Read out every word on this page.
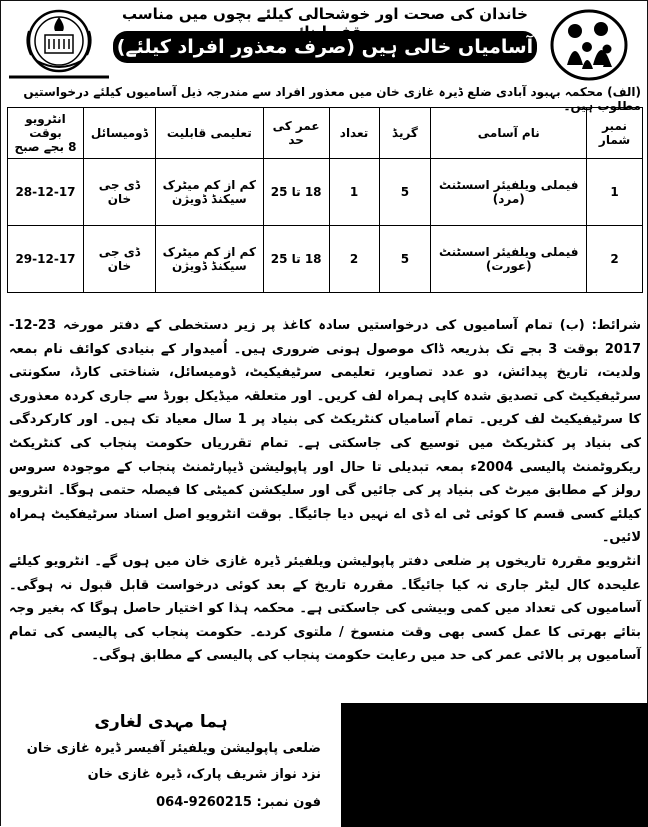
خاندان کی صحت اور خوشحالی کیلئے بچوں میں مناسب
آسامیاں خالی ہیں (صرف معذور افراد کیلئے)
(الف) محکمہ بہبود آبادی ضلع ڈیرہ غازی خان میں معذور افراد سے مندرجہ ذیل آسامیوں کیلئے درخواستیں مطلوب ہیں۔
نمبر شمار	نام آسامی	گریڈ	تعداد	عمر کی حد	تعلیمی قابلیت	ڈومیسائل	انٹرویو بوقت
8 بجے صبح

1	فیملی ویلفیئر اسسٹنٹ (مرد)	5	1	18 تا 25	کم از کم میٹرک
سیکنڈ ڈویژن	ڈی جی خان	28-12-17
2	فیملی ویلفیئر اسسٹنٹ (عورت)	5	2	18 تا 25	کم از کم میٹرک
سیکنڈ ڈویژن	ڈی جی خان	29-12-17

شرائط: (ب) تمام آسامیوں کی درخواستیں سادہ کاغذ پر زیر دستخطی کے دفتر مورخہ 23-12-2017 بوقت 3 بجے تک بذریعہ ڈاک موصول ہونی ضروری ہیں۔ اُمیدوار کے بنیادی کوائف نام بمعہ ولدیت، تاریخ پیدائش، دو عدد تصاویر، تعلیمی سرٹیفیکیٹ، ڈومیسائل، شناختی کارڈ، سکونتی سرٹیفیکیٹ کی تصدیق شدہ کاپی ہمراہ لف کریں۔ اور متعلقہ میڈیکل بورڈ سے جاری کردہ معذوری کا سرٹیفیکیٹ لف کریں۔ تمام آسامیاں کنٹریکٹ کی بنیاد پر 1 سال معیاد تک ہیں۔ اور کارکردگی کی بنیاد پر کنٹریکٹ میں توسیع کی جاسکتی ہے۔ تمام تقرریاں حکومت پنجاب کی کنٹریکٹ ریکروٹمنٹ پالیسی 2004ء بمعہ تبدیلی تا حال اور پاپولیشن ڈیپارٹمنٹ پنجاب کے موجودہ سروس رولز کے مطابق میرٹ کی بنیاد پر کی جائیں گی اور سلیکشن کمیٹی کا فیصلہ حتمی ہوگا۔ انٹرویو کیلئے کسی قسم کا کوئی ٹی اے ڈی اے نہیں دیا جائیگا۔ بوقت انٹرویو اصل اسناد سرٹیفکیٹ ہمراہ لائیں۔

انٹرویو مقررہ تاریخوں پر ضلعی دفتر پاپولیشن ویلفیئر ڈیرہ غازی خان میں ہوں گے۔ انٹرویو کیلئے علیحدہ کال لیٹر جاری نہ کیا جائیگا۔ مقررہ تاریخ کے بعد کوئی درخواست قابل قبول نہ ہوگی۔ آسامیوں کی تعداد میں کمی وبیشی کی جاسکتی ہے۔ محکمہ ہذا کو اختیار حاصل ہوگا کہ بغیر وجہ بتائے بھرتی کا عمل کسی بھی وقت منسوخ / ملتوی کردے۔ حکومت پنجاب کی پالیسی کی تمام آسامیوں پر بالائی عمر کی حد میں رعایت حکومت پنجاب کی پالیسی کے مطابق ہوگی۔

ہما مہدی لغاری
ضلعی پاپولیشن ویلفیئر آفیسر ڈیرہ غازی خان
نزد نواز شریف پارک، ڈیرہ غازی خان
فون نمبر: 064-9260215
